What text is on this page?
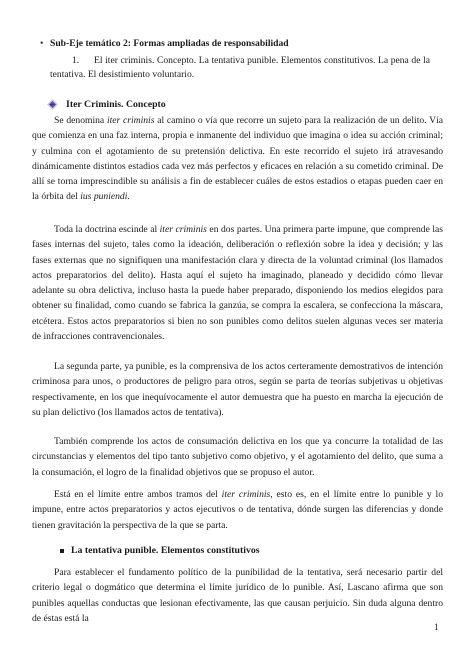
• Sub-Eje temático 2: Formas ampliadas de responsabilidad
1. El iter criminis. Concepto. La tentativa punible. Elementos constitutivos. La pena de la tentativa. El desistimiento voluntario.
Iter Criminis. Concepto

Se denomina iter criminis al camino o vía que recorre un sujeto para la realización de un delito. Vía que comienza en una faz interna, propia e inmanente del individuo que imagina o idea su acción criminal; y culmina con el agotamiento de su pretensión delictiva. En este recorrido el sujeto irá atravesando dinámicamente distintos estadios cada vez más perfectos y eficaces en relación a su cometido criminal. De allí se torna imprescindible su análisis a fin de establecer cuáles de estos estadios o etapas pueden caer en la órbita del ius puniendi.

Toda la doctrina escinde al iter criminis en dos partes. Una primera parte impune, que comprende las fases internas del sujeto, tales como la ideación, deliberación o reflexión sobre la idea y decisión; y las fases externas que no signifiquen una manifestación clara y directa de la voluntad criminal (los llamados actos preparatorios del delito). Hasta aquí el sujeto ha imaginado, planeado y decidido cómo llevar adelante su obra delictiva, incluso hasta la puede haber preparado, disponiendo los medios elegidos para obtener su finalidad, como cuando se fabrica la ganzúa, se compra la escalera, se confecciona la máscara, etcétera. Estos actos preparatorios si bien no son punibles como delitos suelen algunas veces ser materia de infracciones contravencionales.

La segunda parte, ya punible, es la comprensiva de los actos certeramente demostrativos de intención criminosa para unos, o productores de peligro para otros, según se parta de teorías subjetivas u objetivas respectivamente, en los que inequívocamente el autor demuestra que ha puesto en marcha la ejecución de su plan delictivo (los llamados actos de tentativa).

También comprende los actos de consumación delictiva en los que ya concurre la totalidad de las circunstancias y elementos del tipo tanto subjetivo como objetivo, y el agotamiento del delito, que suma a la consumación, el logro de la finalidad objetivos que se propuso el autor.

Está en el límite entre ambos tramos del iter criminis, esto es, en el límite entre lo punible y lo impune, entre actos preparatorios y actos ejecutivos o de tentativa, dónde surgen las diferencias y donde tienen gravitación la perspectiva de la que se parta.

La tentativa punible. Elementos constitutivos

Para establecer el fundamento político de la punibilidad de la tentativa, será necesario partir del criterio legal o dogmático que determina el límite jurídico de lo punible. Así, Lascano afirma que son punibles aquellas conductas que lesionan efectivamente, las que causan perjuicio. Sin duda alguna dentro de éstas está la

1
